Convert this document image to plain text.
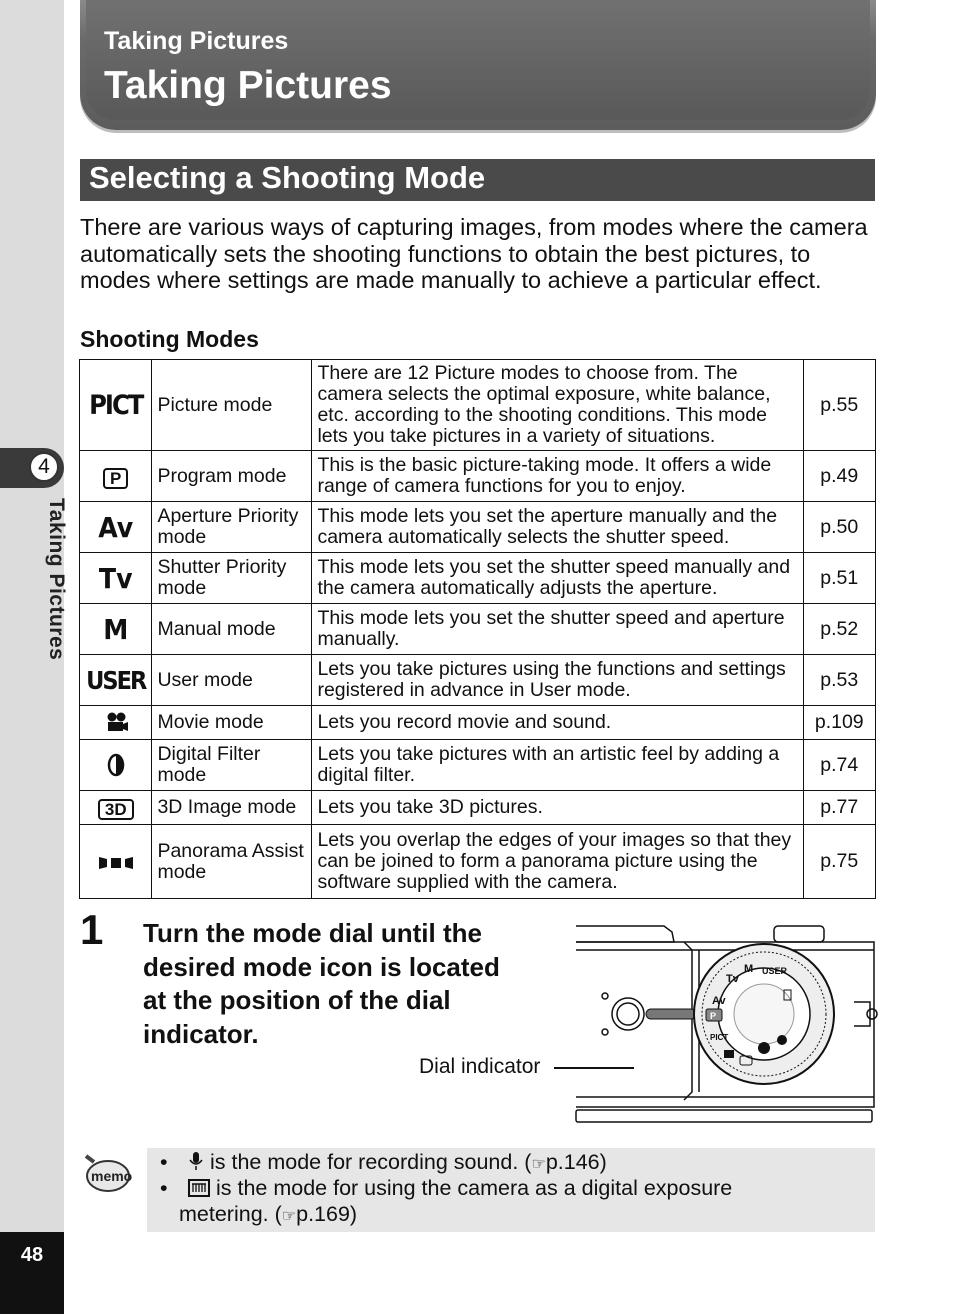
4
Taking Pictures
48
Taking Pictures
Taking Pictures
Selecting a Shooting Mode
There are various ways of capturing images, from modes where the camera automatically sets the shooting functions to obtain the best pictures, to modes where settings are made manually to achieve a particular effect.
Shooting Modes
PICT	Picture mode	There are 12 Picture modes to choose from. The camera selects the optimal exposure, white balance, etc. according to the shooting conditions. This mode lets you take pictures in a variety of situations.	p.55
P	Program mode	This is the basic picture-taking mode. It offers a wide range of camera functions for you to enjoy.	p.49
Av	Aperture Priority mode	This mode lets you set the aperture manually and the camera automatically selects the shutter speed.	p.50
Tv	Shutter Priority mode	This mode lets you set the shutter speed manually and the camera automatically adjusts the aperture.	p.51
M	Manual mode	This mode lets you set the shutter speed and aperture manually.	p.52
USER	User mode	Lets you take pictures using the functions and settings registered in advance in User mode.	p.53
	Movie mode	Lets you record movie and sound.	p.109
	Digital Filter mode	Lets you take pictures with an artistic feel by adding a digital filter.	p.74
3D	3D Image mode	Lets you take 3D pictures.	p.77
	Panorama Assist mode	Lets you overlap the edges of your images so that they can be joined to form a panorama picture using the software supplied with the camera.	p.75
1 Turn the mode dial until the desired mode icon is located at the position of the dial indicator.
Dial indicator
Av
Tv
M USER
P
PICT
memo
• is the mode for recording sound. (☞p.146)
• is the mode for using the camera as a digital exposure
metering. (☞p.169)
